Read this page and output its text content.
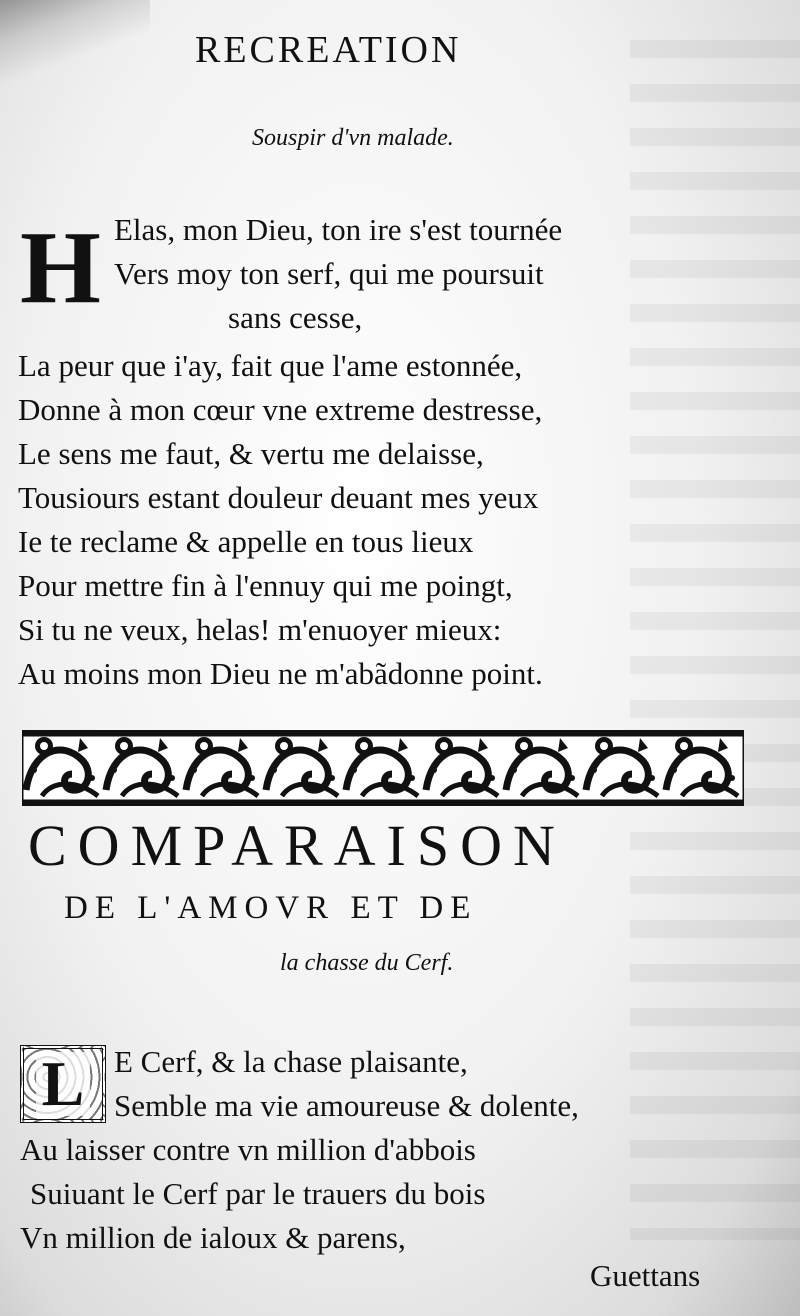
RECREATION
Souspir d'vn malade.
H Elas, mon Dieu, ton ire s'est tournée

Vers moy ton serf, qui me poursuit

sans cesse,

La peur que i'ay, fait que l'ame estonnée,

Donne à mon cœur vne extreme destresse,

Le sens me faut, & vertu me delaisse,

Tousiours estant douleur deuant mes yeux

Ie te reclame & appelle en tous lieux

Pour mettre fin à l'ennuy qui me poingt,

Si tu ne veux, helas! m'enuoyer mieux:

Au moins mon Dieu ne m'abãdonne point.

COMPARAISON
DE L'AMOVR ET DE
la chasse du Cerf.
L E Cerf, & la chase plaisante,

Semble ma vie amoureuse & dolente,

Au laisser contre vn million d'abbois

Suiuant le Cerf par le trauers du bois

Vn million de ialoux & parens,

Guettans
